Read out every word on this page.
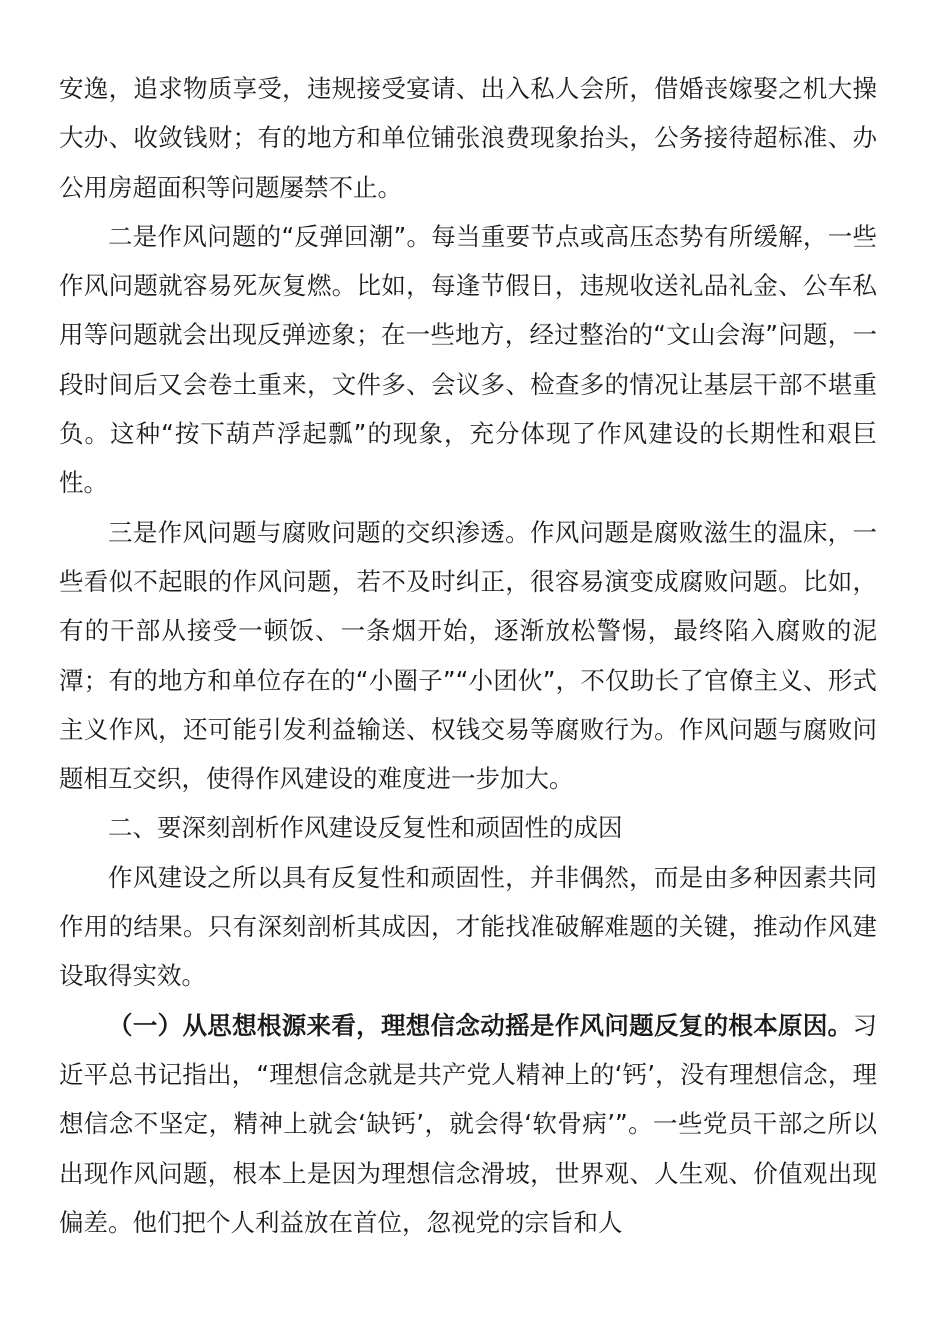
安逸，追求物质享受，违规接受宴请、出入私人会所，借婚丧嫁娶之机大操大办、收敛钱财；有的地方和单位铺张浪费现象抬头，公务接待超标准、办公用房超面积等问题屡禁不止。

二是作风问题的“反弹回潮”。每当重要节点或高压态势有所缓解，一些作风问题就容易死灰复燃。比如，每逢节假日，违规收送礼品礼金、公车私用等问题就会出现反弹迹象；在一些地方，经过整治的“文山会海”问题，一段时间后又会卷土重来，文件多、会议多、检查多的情况让基层干部不堪重负。这种“按下葫芦浮起瓢”的现象，充分体现了作风建设的长期性和艰巨性。

三是作风问题与腐败问题的交织渗透。作风问题是腐败滋生的温床，一些看似不起眼的作风问题，若不及时纠正，很容易演变成腐败问题。比如，有的干部从接受一顿饭、一条烟开始，逐渐放松警惕，最终陷入腐败的泥潭；有的地方和单位存在的“小圈子”“小团伙”，不仅助长了官僚主义、形式主义作风，还可能引发利益输送、权钱交易等腐败行为。作风问题与腐败问题相互交织，使得作风建设的难度进一步加大。

二、要深刻剖析作风建设反复性和顽固性的成因

作风建设之所以具有反复性和顽固性，并非偶然，而是由多种因素共同作用的结果。只有深刻剖析其成因，才能找准破解难题的关键，推动作风建设取得实效。

（一）从思想根源来看，理想信念动摇是作风问题反复的根本原因。习近平总书记指出，“理想信念就是共产党人精神上的‘钙’，没有理想信念，理想信念不坚定，精神上就会‘缺钙’，就会得‘软骨病’”。一些党员干部之所以出现作风问题，根本上是因为理想信念滑坡，世界观、人生观、价值观出现偏差。他们把个人利益放在首位，忽视党的宗旨和人
